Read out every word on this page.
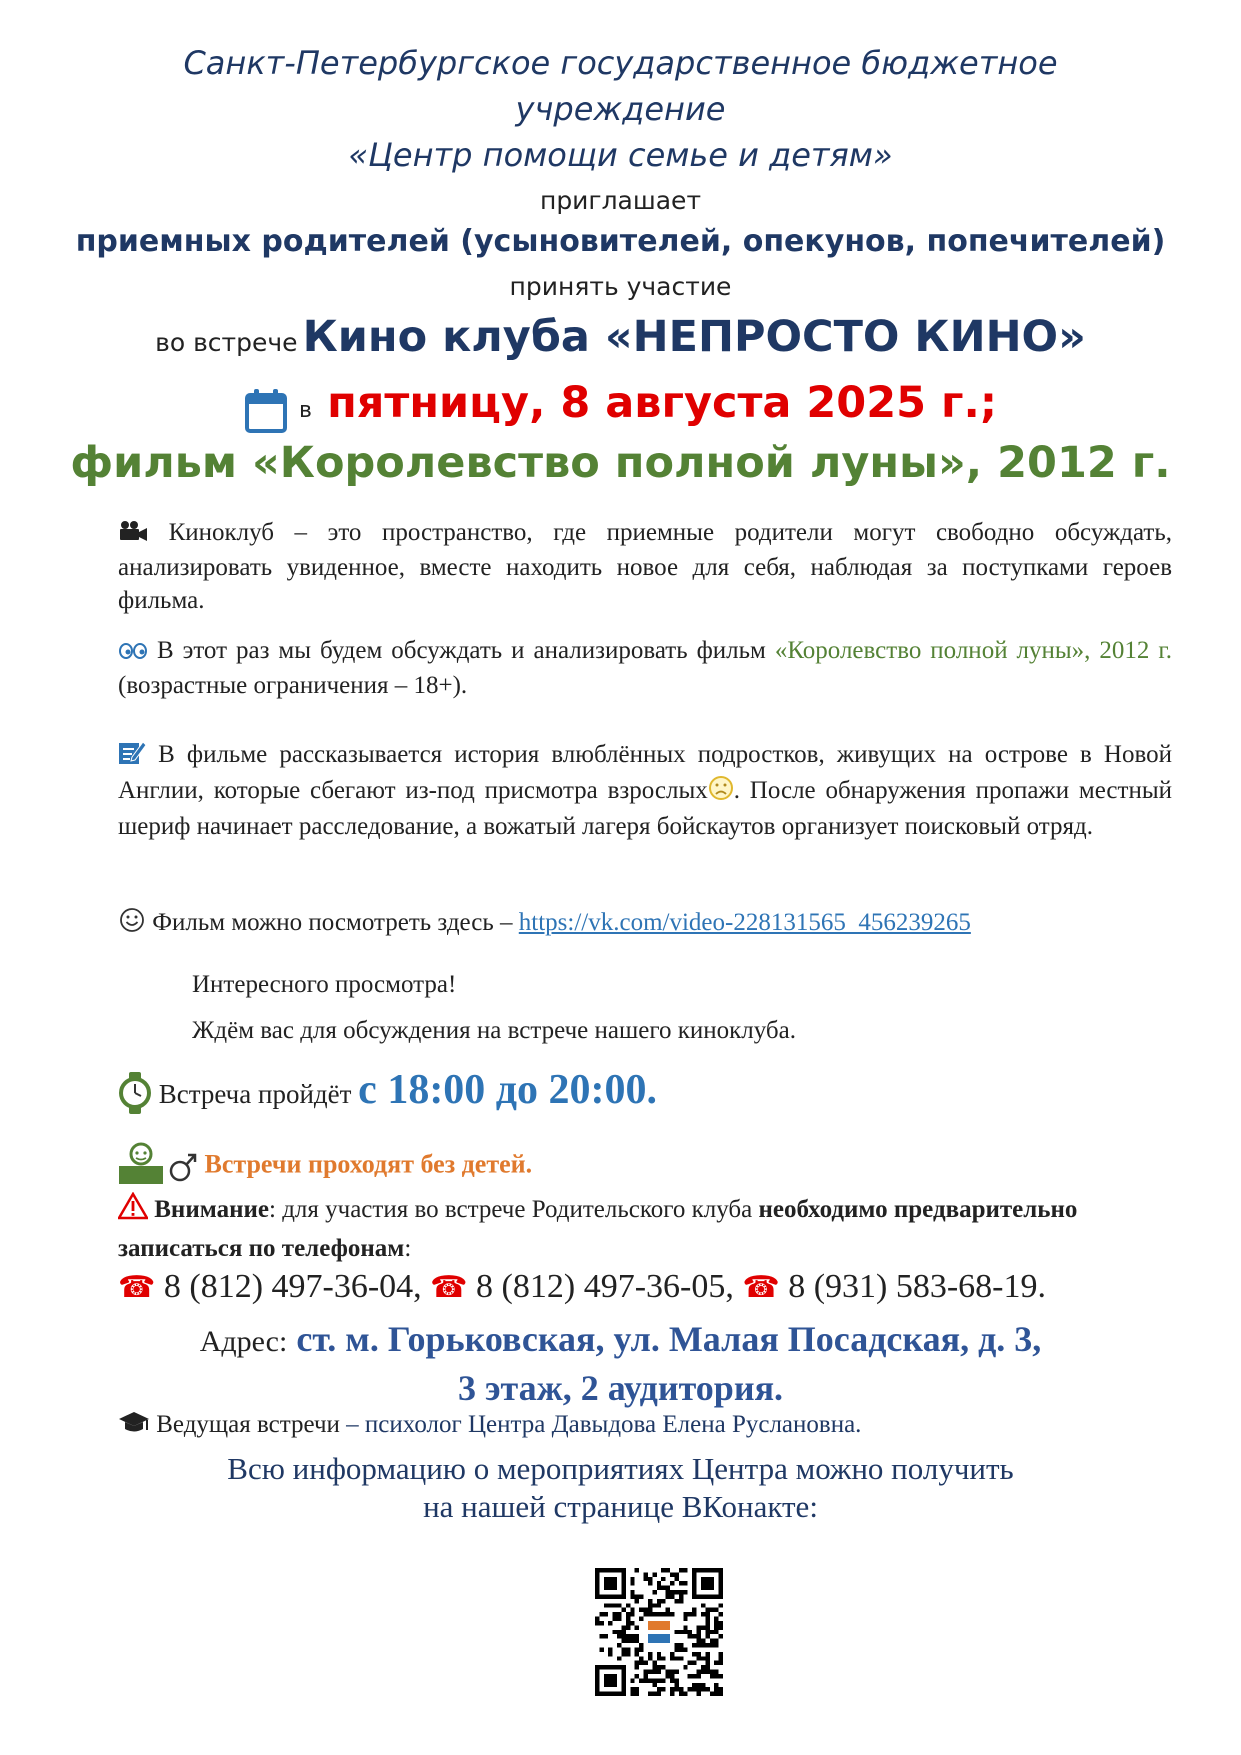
Санкт-Петербургское государственное бюджетное
учреждение
«Центр помощи семье и детям»
приглашает
приемных родителей (усыновителей, опекунов, попечителей)
принять участие
во встрече Кино клуба «НЕПРОСТО КИНО»
в пятницу, 8 августа 2025 г.;
фильм «Королевство полной луны», 2012 г.
Киноклуб – это пространство, где приемные родители могут свободно обсуждать, анализировать увиденное, вместе находить новое для себя, наблюдая за поступками героев фильма.
В этот раз мы будем обсуждать и анализировать фильм «Королевство полной луны», 2012 г. (возрастные ограничения – 18+).
В фильме рассказывается история влюблённых подростков, живущих на острове в Новой Англии, которые сбегают из-под присмотра взрослых . После обнаружения пропажи местный шериф начинает расследование, а вожатый лагеря бойскаутов организует поисковый отряд.
Фильм можно посмотреть здесь – https://vk.com/video-228131565_456239265
Интересного просмотра!
Ждём вас для обсуждения на встрече нашего киноклуба.
Встреча пройдёт с 18:00 до 20:00.
Встречи проходят без детей.
Внимание: для участия во встрече Родительского клуба необходимо предварительно записаться по телефонам:
☎ 8 (812) 497-36-04, ☎ 8 (812) 497-36-05, ☎ 8 (931) 583-68-19.
Адрес: ст. м. Горьковская, ул. Малая Посадская, д. 3,
3 этаж, 2 аудитория.
Ведущая встречи – психолог Центра Давыдова Елена Руслановна.
Всю информацию о мероприятиях Центра можно получить
на нашей странице ВКонакте:
